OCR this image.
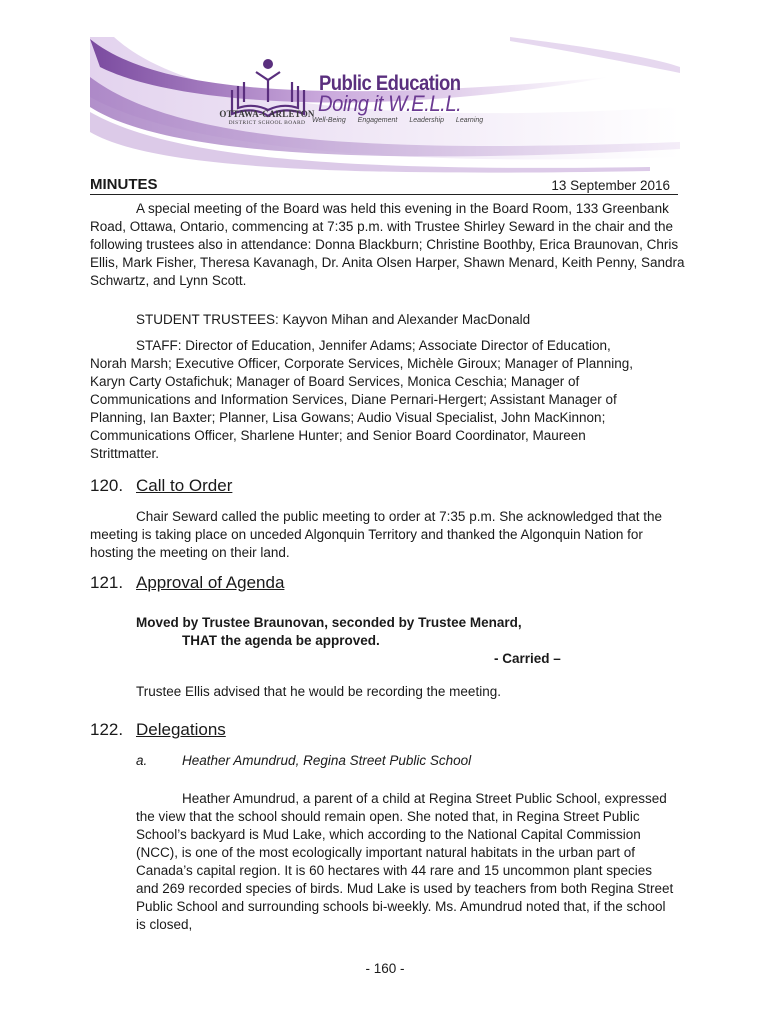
OTTAWA-CARLETON
DISTRICT SCHOOL BOARD
Public Education
Doing it W.E.L.L.
Well-Being Engagement Leadership Learning
MINUTES	13 September 2016
A special meeting of the Board was held this evening in the Board Room, 133 Greenbank Road, Ottawa, Ontario, commencing at 7:35 p.m. with Trustee Shirley Seward in the chair and the following trustees also in attendance: Donna Blackburn; Christine Boothby, Erica Braunovan, Chris Ellis, Mark Fisher, Theresa Kavanagh, Dr. Anita Olsen Harper, Shawn Menard, Keith Penny, Sandra Schwartz, and Lynn Scott.
STUDENT TRUSTEES: Kayvon Mihan and Alexander MacDonald
STAFF: Director of Education, Jennifer Adams; Associate Director of Education, Norah Marsh; Executive Officer, Corporate Services, Michèle Giroux; Manager of Planning, Karyn Carty Ostafichuk; Manager of Board Services, Monica Ceschia; Manager of Communications and Information Services, Diane Pernari-Hergert; Assistant Manager of Planning, Ian Baxter; Planner, Lisa Gowans; Audio Visual Specialist, John MacKinnon; Communications Officer, Sharlene Hunter; and Senior Board Coordinator, Maureen Strittmatter.
120. Call to Order
Chair Seward called the public meeting to order at 7:35 p.m. She acknowledged that the meeting is taking place on unceded Algonquin Territory and thanked the Algonquin Nation for hosting the meeting on their land.
121. Approval of Agenda
Moved by Trustee Braunovan, seconded by Trustee Menard,
THAT the agenda be approved.
- Carried –
Trustee Ellis advised that he would be recording the meeting.
122. Delegations
a.	Heather Amundrud, Regina Street Public School
Heather Amundrud, a parent of a child at Regina Street Public School, expressed the view that the school should remain open. She noted that, in Regina Street Public School’s backyard is Mud Lake, which according to the National Capital Commission (NCC), is one of the most ecologically important natural habitats in the urban part of Canada’s capital region. It is 60 hectares with 44 rare and 15 uncommon plant species and 269 recorded species of birds. Mud Lake is used by teachers from both Regina Street Public School and surrounding schools bi-weekly. Ms. Amundrud noted that, if the school is closed,
- 160 -
